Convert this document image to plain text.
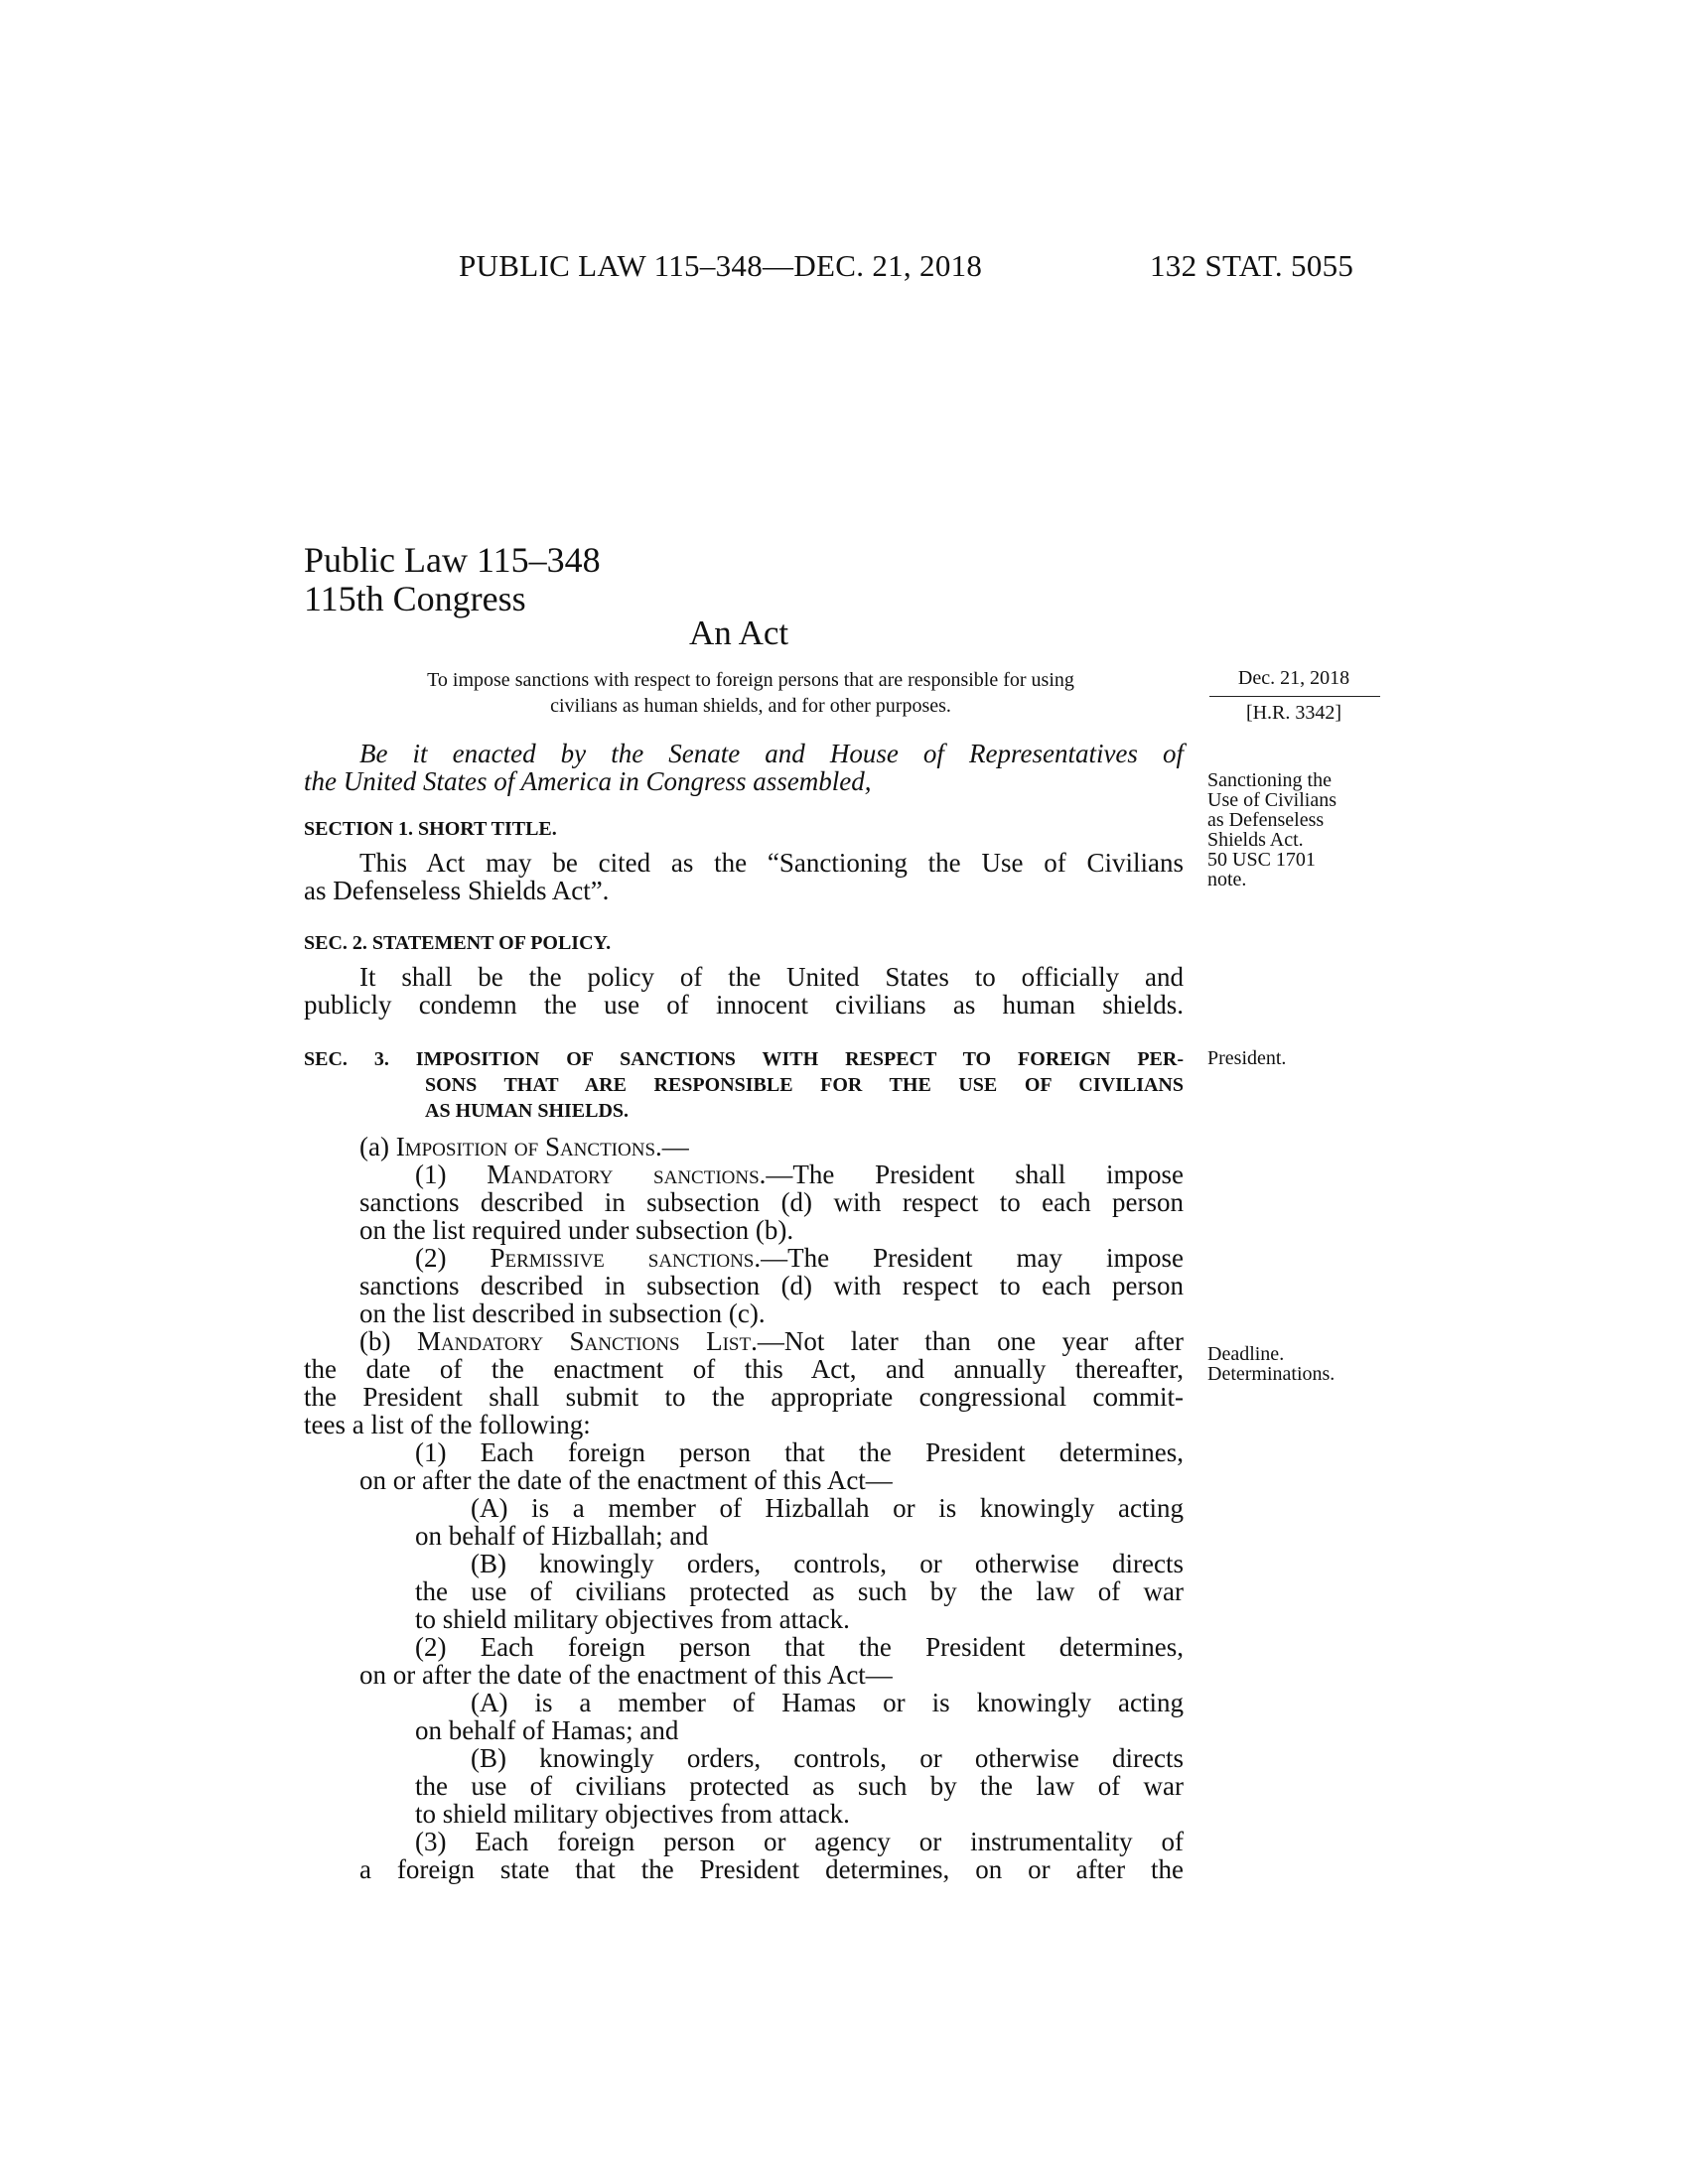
PUBLIC LAW 115–348—DEC. 21, 2018	132 STAT. 5055
Public Law 115–348
115th Congress
An Act
To impose sanctions with respect to foreign persons that are responsible for using
civilians as human shields, and for other purposes.
Dec. 21, 2018
[H.R. 3342]
Be it enacted by the Senate and House of Representatives of
the United States of America in Congress assembled,	Sanctioning the
Use of Civilians
as Defenseless
Shields Act.
50 USC 1701
note.
SECTION 1. SHORT TITLE.
This Act may be cited as the “Sanctioning the Use of Civilians
as Defenseless Shields Act”.
SEC. 2. STATEMENT OF POLICY.
It shall be the policy of the United States to officially and
publicly condemn the use of innocent civilians as human shields.
SEC. 3. IMPOSITION OF SANCTIONS WITH RESPECT TO FOREIGN PER-
SONS THAT ARE RESPONSIBLE FOR THE USE OF CIVILIANS
AS HUMAN SHIELDS.
President.
(a) Imposition of Sanctions.—
(1) Mandatory sanctions.—The President shall impose
sanctions described in subsection (d) with respect to each person
on the list required under subsection (b).
(2) Permissive sanctions.—The President may impose
sanctions described in subsection (d) with respect to each person
on the list described in subsection (c).
(b) Mandatory Sanctions List.—Not later than one year after
the date of the enactment of this Act, and annually thereafter,
the President shall submit to the appropriate congressional commit-
tees a list of the following:
(1) Each foreign person that the President determines,
on or after the date of the enactment of this Act—
(A) is a member of Hizballah or is knowingly acting
on behalf of Hizballah; and
(B) knowingly orders, controls, or otherwise directs
the use of civilians protected as such by the law of war
to shield military objectives from attack.
(2) Each foreign person that the President determines,
on or after the date of the enactment of this Act—
(A) is a member of Hamas or is knowingly acting
on behalf of Hamas; and
(B) knowingly orders, controls, or otherwise directs
the use of civilians protected as such by the law of war
to shield military objectives from attack.
(3) Each foreign person or agency or instrumentality of
a foreign state that the President determines, on or after the
Deadline.
Determinations.
